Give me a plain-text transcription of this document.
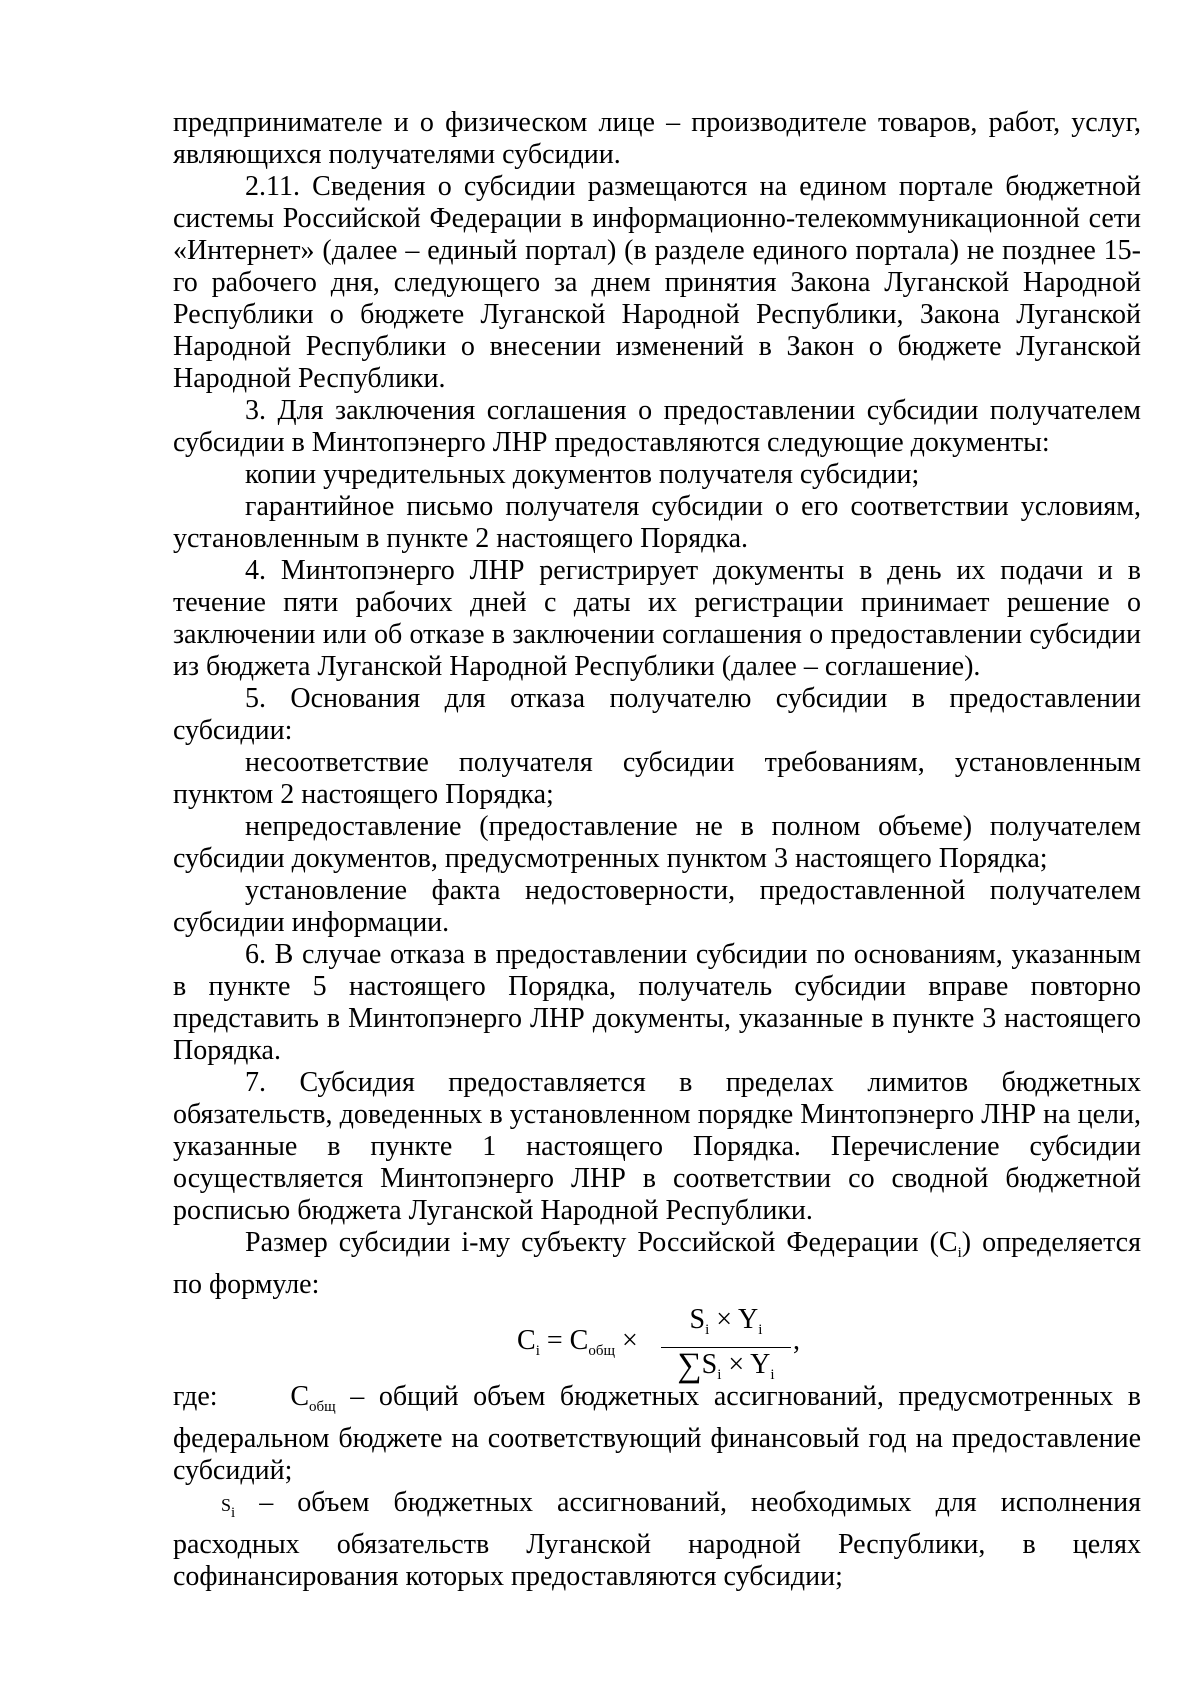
предпринимателе и о физическом лице – производителе товаров, работ, услуг, являющихся получателями субсидии.

2.11. Сведения о субсидии размещаются на едином портале бюджетной системы Российской Федерации в информационно-телекоммуникационной сети «Интернет» (далее – единый портал) (в разделе единого портала) не позднее 15-го рабочего дня, следующего за днем принятия Закона Луганской Народной Республики о бюджете Луганской Народной Республики, Закона Луганской Народной Республики о внесении изменений в Закон о бюджете Луганской Народной Республики.

3. Для заключения соглашения о предоставлении субсидии получателем субсидии в Минтопэнерго ЛНР предоставляются следующие документы:

копии учредительных документов получателя субсидии;

гарантийное письмо получателя субсидии о его соответствии условиям, установленным в пункте 2 настоящего Порядка.

4. Минтопэнерго ЛНР регистрирует документы в день их подачи и в течение пяти рабочих дней с даты их регистрации принимает решение о заключении или об отказе в заключении соглашения о предоставлении субсидии из бюджета Луганской Народной Республики (далее – соглашение).

5. Основания для отказа получателю субсидии в предоставлении субсидии:

несоответствие получателя субсидии требованиям, установленным пунктом 2 настоящего Порядка;

непредоставление (предоставление не в полном объеме) получателем субсидии документов, предусмотренных пунктом 3 настоящего Порядка;

установление факта недостоверности, предоставленной получателем субсидии информации.

6. В случае отказа в предоставлении субсидии по основаниям, указанным в пункте 5 настоящего Порядка, получатель субсидии вправе повторно представить в Минтопэнерго ЛНР документы, указанные в пункте 3 настоящего Порядка.

7. Субсидия предоставляется в пределах лимитов бюджетных обязательств, доведенных в установленном порядке Минтопэнерго ЛНР на цели, указанные в пункте 1 настоящего Порядка. Перечисление субсидии осуществляется Минтопэнерго ЛНР в соответствии со сводной бюджетной росписью бюджета Луганской Народной Республики.

Размер субсидии i-му субъекту Российской Федерации $(C_i)$ определяется по формуле:

$C_i = C_{общ}$ ×
$S_i \times Y_i$
$\sum S_i \times Y_i$
,

где:	$C_{общ}$ – общий объем бюджетных ассигнований, предусмотренных в федеральном бюджете на соответствующий финансовый год на предоставление субсидий;

$S_i$ – объем бюджетных ассигнований, необходимых для исполнения расходных обязательств Луганской народной Республики, в целях софинансирования которых предоставляются субсидии;
